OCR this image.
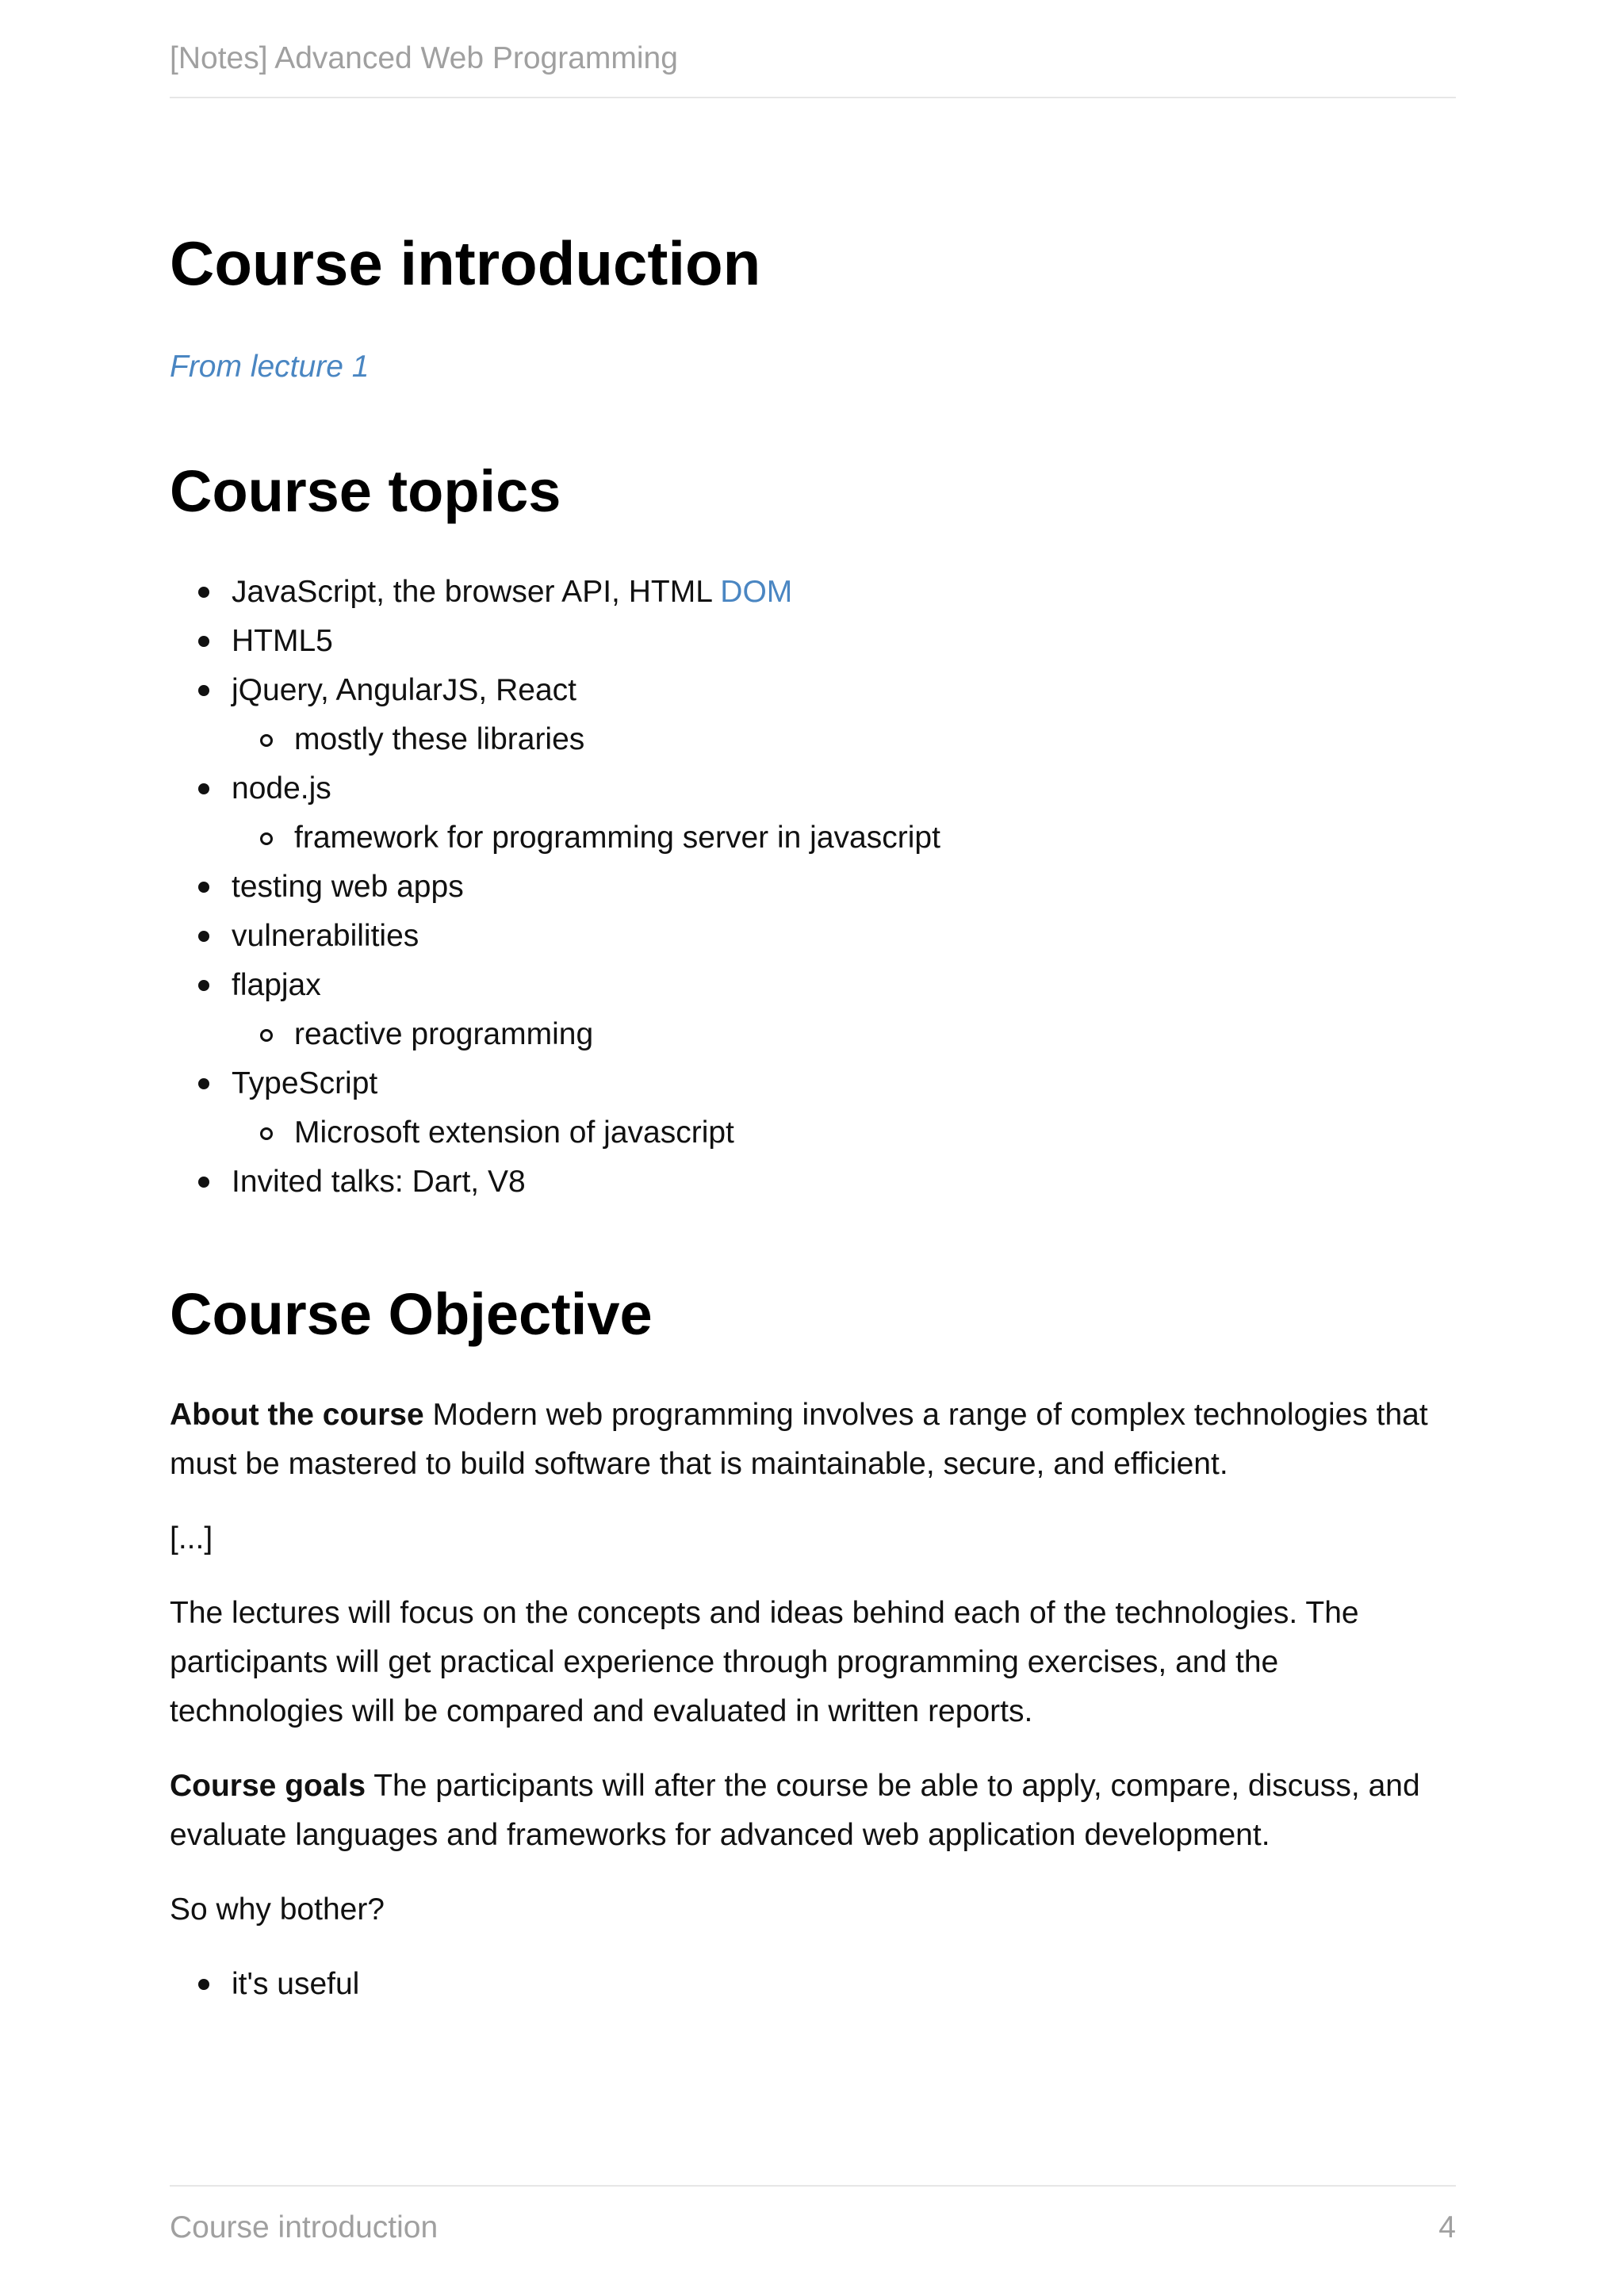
[Notes] Advanced Web Programming
Course introduction
From lecture 1
Course topics
JavaScript, the browser API, HTML DOM
HTML5
jQuery, AngularJS, React
mostly these libraries
node.js
framework for programming server in javascript
testing web apps
vulnerabilities
flapjax
reactive programming
TypeScript
Microsoft extension of javascript
Invited talks: Dart, V8
Course Objective

About the course Modern web programming involves a range of complex technologies that must be mastered to build software that is maintainable, secure, and efficient.

[...]

The lectures will focus on the concepts and ideas behind each of the technologies. The participants will get practical experience through programming exercises, and the technologies will be compared and evaluated in written reports.

Course goals The participants will after the course be able to apply, compare, discuss, and evaluate languages and frameworks for advanced web application development.

So why bother?

it's useful
Course introduction	4
